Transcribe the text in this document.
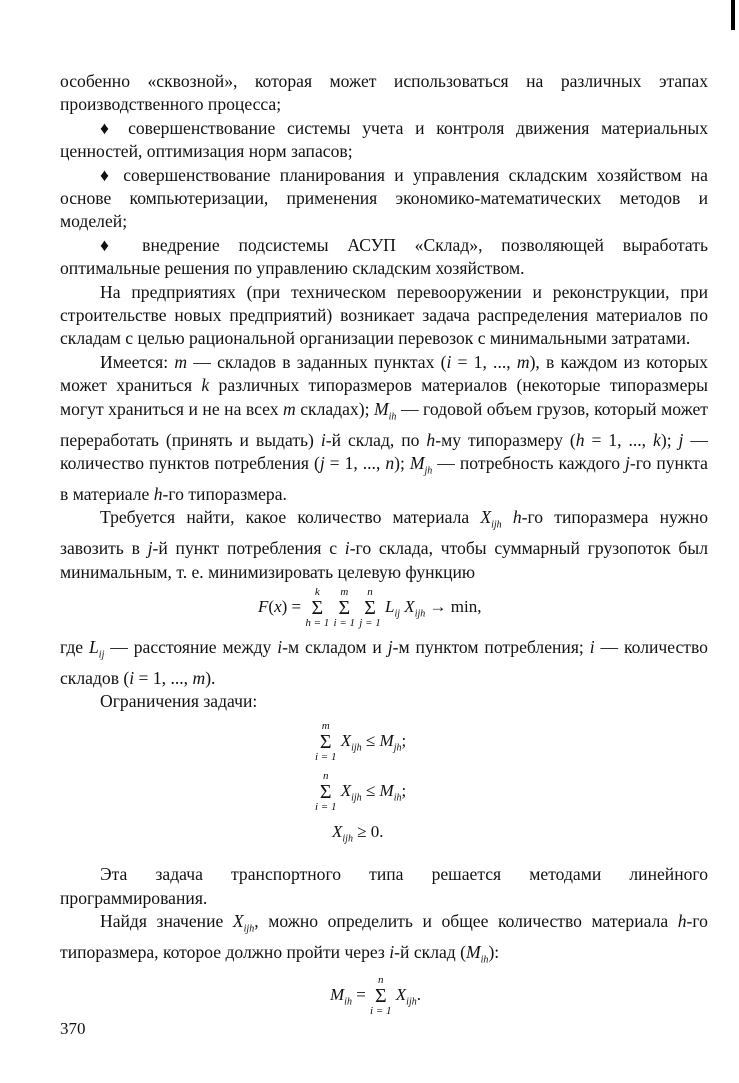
особенно «сквозной», которая может использоваться на различных этапах производственного процесса;

♦ совершенствование системы учета и контроля движения материальных ценностей, оптимизация норм запасов;

♦ совершенствование планирования и управления складским хозяйством на основе компьютеризации, применения экономико-математических методов и моделей;

♦ внедрение подсистемы АСУП «Склад», позволяющей выработать оптимальные решения по управлению складским хозяйством.

На предприятиях (при техническом перевооружении и реконструкции, при строительстве новых предприятий) возникает задача распределения материалов по складам с целью рациональной организации перевозок с минимальными затратами.

Имеется: m — складов в заданных пунктах (i = 1, ..., m), в каждом из которых может храниться k различных типоразмеров материалов (некоторые типоразмеры могут храниться и не на всех m складах); $M_{ih}$ — годовой объем грузов, который может переработать (принять и выдать) i-й склад, по h-му типоразмеру (h = 1, ..., k); j — количество пунктов потребления (j = 1, ..., n); $M_{jh}$ — потребность каждого j-го пункта в материале h-го типоразмера.

Требуется найти, какое количество материала $X_{ijh}$ h-го типоразмера нужно завозить в j-й пункт потребления с i-го склада, чтобы суммарный грузопоток был минимальным, т. е. минимизировать целевую функцию

F(x) =
k
Σ
h = 1

m
Σ
i = 1

n
Σ
j = 1
$L_{ij}$ $X_{ijh} \to \min$,

где $L_{ij}$ — расстояние между i-м складом и j-м пунктом потребления; i — количество складов (i = 1, ..., m).

Ограничения задачи:

m
Σ
i = 1
$X_{ijh} \le M_{jh}$;
n
Σ
i = 1
$X_{ijh} \le M_{ih}$;
$X_{ijh} \ge 0$.

Эта задача транспортного типа решается методами линейного программирования.

Найдя значение $X_{ijh}$, можно определить и общее количество материала h-го типоразмера, которое должно пройти через i-й склад $(M_{ih})$:

$M_{ih}$ =
n
Σ
i = 1
$X_{ijh}$.
370
